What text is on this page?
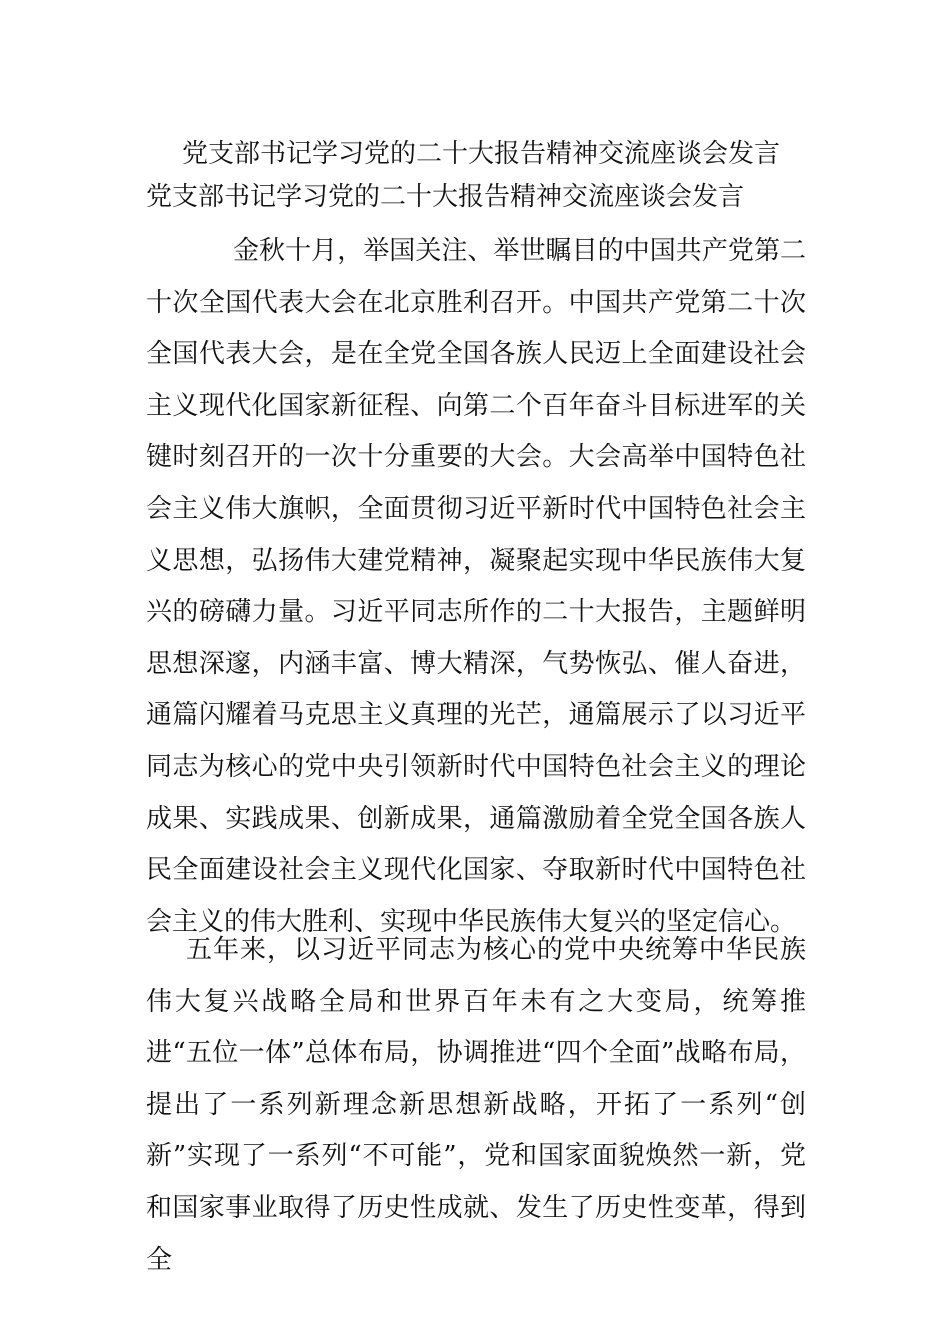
党支部书记学习党的二十大报告精神交流座谈会发言
党支部书记学习党的二十大报告精神交流座谈会发言
金秋十月，举国关注、举世瞩目的中国共产党第二十次全国代表大会在北京胜利召开。中国共产党第二十次全国代表大会，是在全党全国各族人民迈上全面建设社会主义现代化国家新征程、向第二个百年奋斗目标进军的关键时刻召开的一次十分重要的大会。大会高举中国特色社会主义伟大旗帜，全面贯彻习近平新时代中国特色社会主义思想，弘扬伟大建党精神，凝聚起实现中华民族伟大复兴的磅礴力量。习近平同志所作的二十大报告，主题鲜明思想深邃，内涵丰富、博大精深，气势恢弘、催人奋进，通篇闪耀着马克思主义真理的光芒，通篇展示了以习近平同志为核心的党中央引领新时代中国特色社会主义的理论成果、实践成果、创新成果，通篇激励着全党全国各族人民全面建设社会主义现代化国家、夺取新时代中国特色社会主义的伟大胜利、实现中华民族伟大复兴的坚定信心。
五年来，以习近平同志为核心的党中央统筹中华民族伟大复兴战略全局和世界百年未有之大变局，统筹推进“五位一体”总体布局，协调推进“四个全面”战略布局，提出了一系列新理念新思想新战略，开拓了一系列“创新”实现了一系列“不可能”，党和国家面貌焕然一新，党和国家事业取得了历史性成就、发生了历史性变革，得到全
